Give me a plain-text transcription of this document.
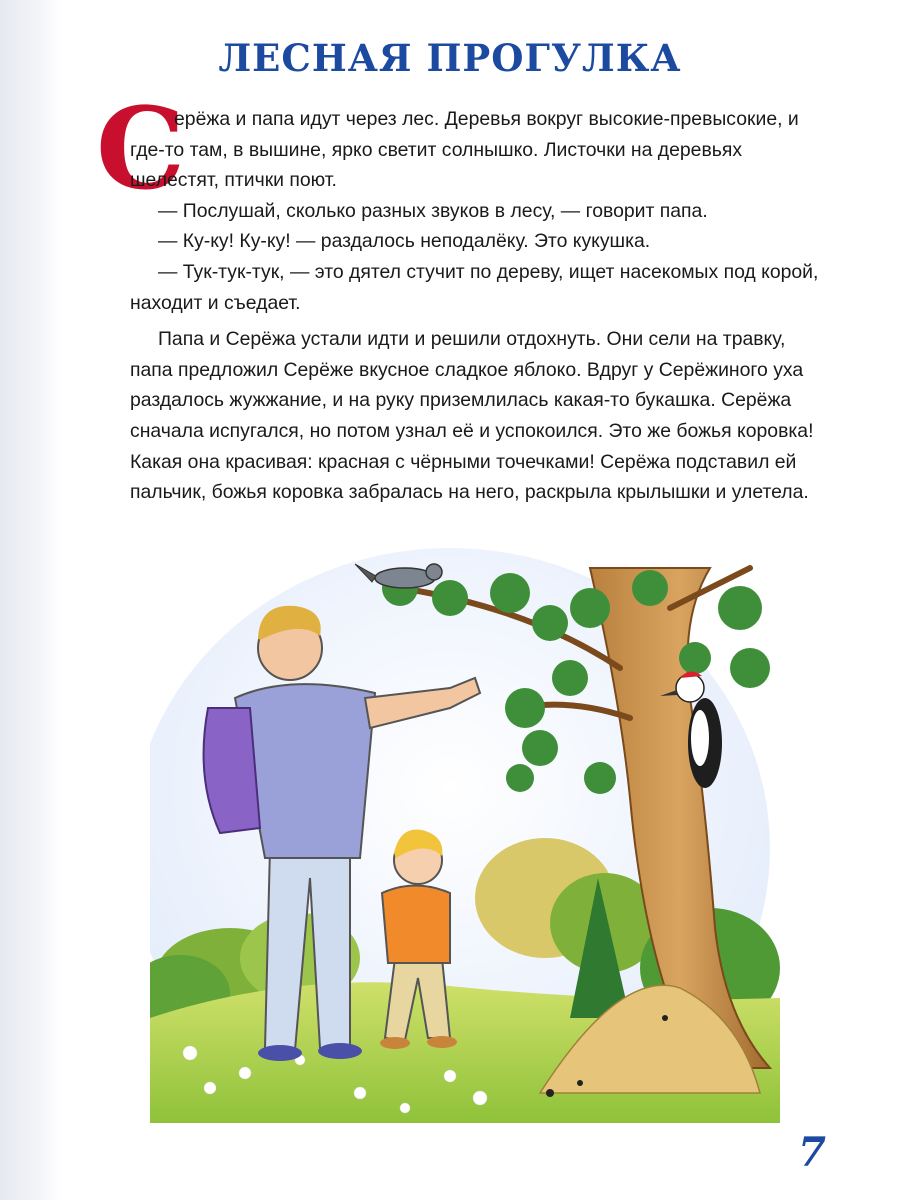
ЛЕСНАЯ ПРОГУЛКА
С

ерёжа и папа идут через лес. Деревья вокруг высокие-превысокие, и где-то там, в вышине, ярко светит солнышко. Листочки на деревьях шелестят, птички поют.

— Послушай, сколько разных звуков в лесу, — говорит папа.

— Ку-ку! Ку-ку! — раздалось неподалёку. Это кукушка.

— Тук-тук-тук, — это дятел стучит по дереву, ищет насекомых под корой, находит и съедает.

Папа и Серёжа устали идти и решили отдохнуть. Они сели на травку, папа предложил Серёже вкусное сладкое яблоко. Вдруг у Серёжиного уха раздалось жужжание, и на руку приземлилась какая-то букашка. Серёжа сначала испугался, но потом узнал её и успокоился. Это же божья коровка! Какая она красивая: красная с чёрными точечками! Серёжа подставил ей пальчик, божья коровка забралась на него, раскрыла крылышки и улетела.

7
